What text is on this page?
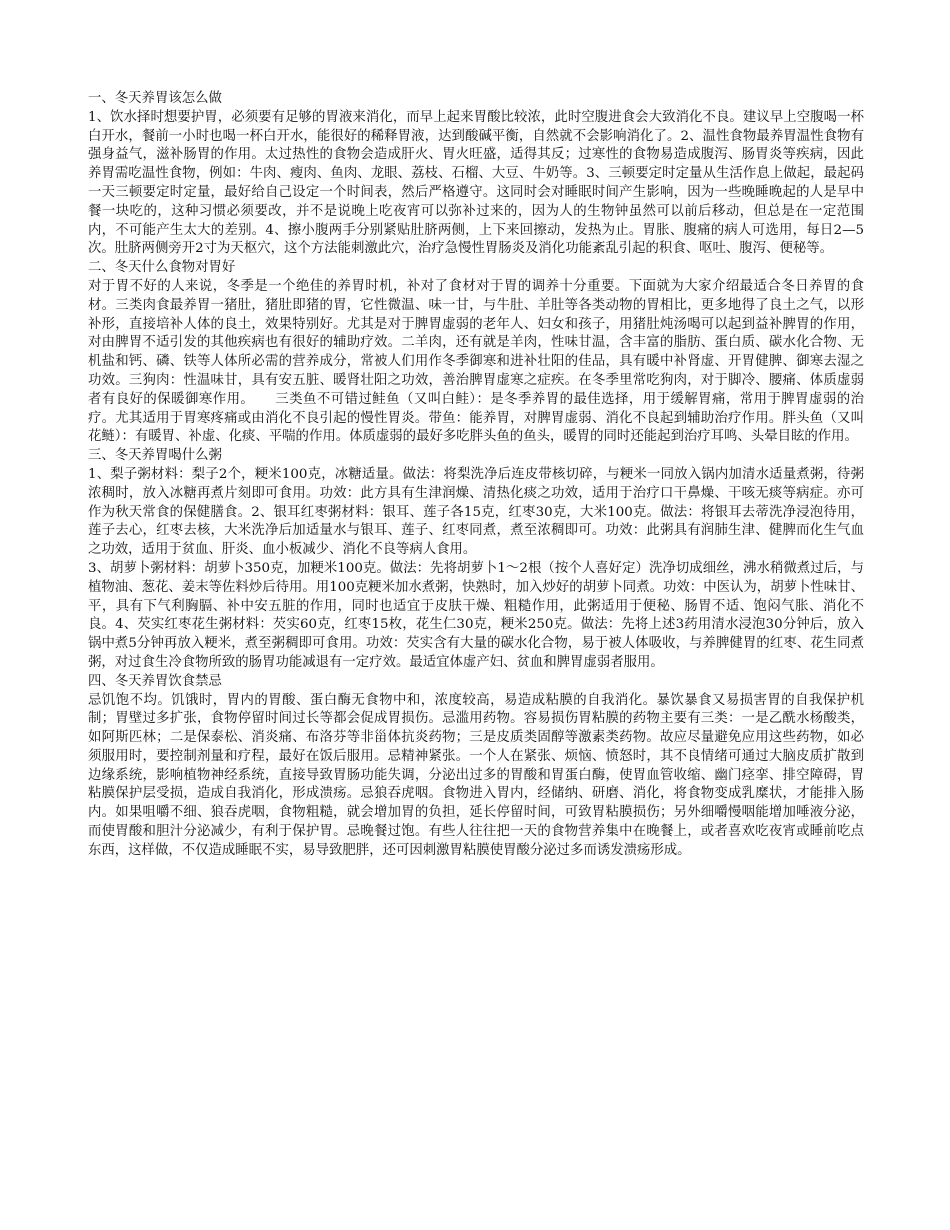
一、冬天养胃该怎么做

1、饮水择时想要护胃，必须要有足够的胃液来消化，而早上起来胃酸比较浓，此时空腹进食会大致消化不良。建议早上空腹喝一杯白开水，餐前一小时也喝一杯白开水，能很好的稀释胃液，达到酸碱平衡，自然就不会影响消化了。2、温性食物最养胃温性食物有强身益气，滋补肠胃的作用。太过热性的食物会造成肝火、胃火旺盛，适得其反；过寒性的食物易造成腹泻、肠胃炎等疾病，因此养胃需吃温性食物，例如：牛肉、瘦肉、鱼肉、龙眼、荔枝、石榴、大豆、牛奶等。3、三顿要定时定量从生活作息上做起，最起码一天三顿要定时定量，最好给自己设定一个时间表，然后严格遵守。这同时会对睡眠时间产生影响，因为一些晚睡晚起的人是早中餐一块吃的，这种习惯必须要改，并不是说晚上吃夜宵可以弥补过来的，因为人的生物钟虽然可以前后移动，但总是在一定范围内，不可能产生太大的差别。4、擦小腹两手分别紧贴肚脐两侧，上下来回擦动，发热为止。胃胀、腹痛的病人可选用，每日2—5次。肚脐两侧旁开2寸为天枢穴，这个方法能刺激此穴，治疗急慢性胃肠炎及消化功能紊乱引起的积食、呕吐、腹泻、便秘等。

二、冬天什么食物对胃好

对于胃不好的人来说，冬季是一个绝佳的养胃时机，补对了食材对于胃的调养十分重要。下面就为大家介绍最适合冬日养胃的食材。三类肉食最养胃一猪肚，猪肚即猪的胃，它性微温、味一甘，与牛肚、羊肚等各类动物的胃相比，更多地得了良土之气，以形补形，直接培补人体的良土，效果特别好。尤其是对于脾胃虚弱的老年人、妇女和孩子，用猪肚炖汤喝可以起到益补脾胃的作用，对由脾胃不适引发的其他疾病也有很好的辅助疗效。二羊肉，还有就是羊肉，性味甘温，含丰富的脂肪、蛋白质、碳水化合物、无机盐和钙、磷、铁等人体所必需的营养成分，常被人们用作冬季御寒和进补壮阳的佳品，具有暖中补肾虚、开胃健脾、御寒去湿之功效。三狗肉：性温味甘，具有安五脏、暖肾壮阳之功效，善治脾胃虚寒之症疾。在冬季里常吃狗肉，对于脚冷、腰痛、体质虚弱者有良好的保暖御寒作用。　　三类鱼不可错过鲑鱼（又叫白鲑）：是冬季养胃的最佳选择，用于缓解胃痛，常用于脾胃虚弱的治疗。尤其适用于胃寒疼痛或由消化不良引起的慢性胃炎。带鱼：能养胃，对脾胃虚弱、消化不良起到辅助治疗作用。胖头鱼（又叫花鲢）：有暖胃、补虚、化痰、平喘的作用。体质虚弱的最好多吃胖头鱼的鱼头，暖胃的同时还能起到治疗耳鸣、头晕目眩的作用。

三、冬天养胃喝什么粥

1、梨子粥材料：梨子2个，粳米100克，冰糖适量。做法：将梨洗净后连皮带核切碎，与粳米一同放入锅内加清水适量煮粥，待粥浓稠时，放入冰糖再煮片刻即可食用。功效：此方具有生津润燥、清热化痰之功效，适用于治疗口干鼻燥、干咳无痰等病症。亦可作为秋天常食的保健膳食。2、银耳红枣粥材料：银耳、莲子各15克，红枣30克，大米100克。做法：将银耳去蒂洗净浸泡待用，莲子去心，红枣去核，大米洗净后加适量水与银耳、莲子、红枣同煮，煮至浓稠即可。功效：此粥具有润肺生津、健脾而化生气血之功效，适用于贫血、肝炎、血小板减少、消化不良等病人食用。

3、胡萝卜粥材料：胡萝卜350克，加粳米100克。做法：先将胡萝卜1～2根（按个人喜好定）洗净切成细丝，沸水稍微煮过后，与植物油、葱花、姜末等佐料炒后待用。用100克粳米加水煮粥，快熟时，加入炒好的胡萝卜同煮。功效：中医认为，胡萝卜性味甘、平，具有下气利胸膈、补中安五脏的作用，同时也适宜于皮肤干燥、粗糙作用，此粥适用于便秘、肠胃不适、饱闷气胀、消化不良。4、芡实红枣花生粥材料：芡实60克，红枣15枚，花生仁30克，粳米250克。做法：先将上述3药用清水浸泡30分钟后，放入锅中煮5分钟再放入粳米，煮至粥稠即可食用。功效：芡实含有大量的碳水化合物，易于被人体吸收，与养脾健胃的红枣、花生同煮粥，对过食生冷食物所致的肠胃功能减退有一定疗效。最适宜体虚产妇、贫血和脾胃虚弱者服用。

四、冬天养胃饮食禁忌

忌饥饱不均。饥饿时，胃内的胃酸、蛋白酶无食物中和，浓度较高，易造成粘膜的自我消化。暴饮暴食又易损害胃的自我保护机制；胃壁过多扩张，食物停留时间过长等都会促成胃损伤。忌滥用药物。容易损伤胃粘膜的药物主要有三类：一是乙酰水杨酸类，如阿斯匹林；二是保泰松、消炎痛、布洛芬等非甾体抗炎药物；三是皮质类固醇等激素类药物。故应尽量避免应用这些药物，如必须服用时，要控制剂量和疗程，最好在饭后服用。忌精神紧张。一个人在紧张、烦恼、愤怒时，其不良情绪可通过大脑皮质扩散到边缘系统，影响植物神经系统，直接导致胃肠功能失调，分泌出过多的胃酸和胃蛋白酶，使胃血管收缩、幽门痉挛、排空障碍，胃粘膜保护层受损，造成自我消化，形成溃疡。忌狼吞虎咽。食物进入胃内，经储纳、研磨、消化，将食物变成乳糜状，才能排入肠内。如果咀嚼不细、狼吞虎咽，食物粗糙，就会增加胃的负担，延长停留时间，可致胃粘膜损伤；另外细嚼慢咽能增加唾液分泌，而使胃酸和胆汁分泌减少，有利于保护胃。忌晚餐过饱。有些人往往把一天的食物营养集中在晚餐上，或者喜欢吃夜宵或睡前吃点东西，这样做，不仅造成睡眠不实，易导致肥胖，还可因刺激胃粘膜使胃酸分泌过多而诱发溃疡形成。
